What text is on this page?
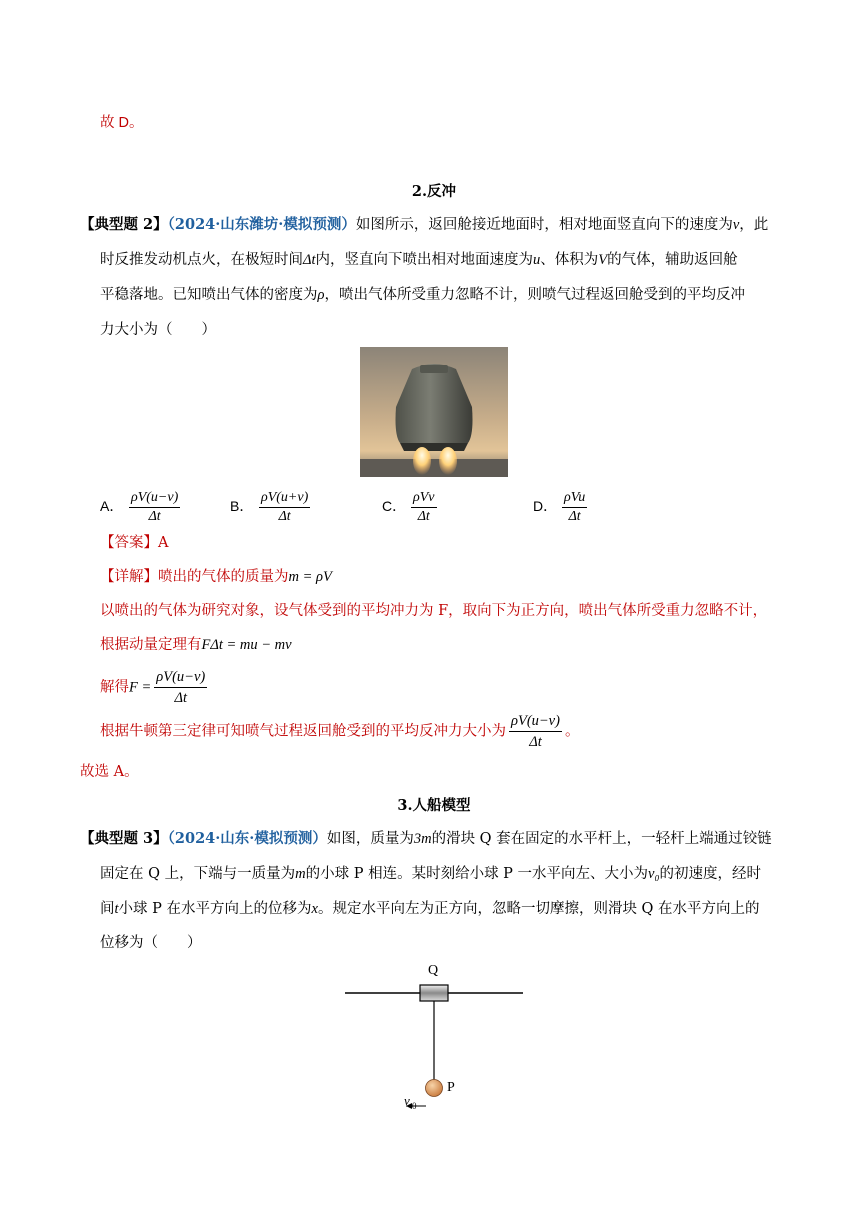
故 D。
2.反冲
【典型题 2】（2024·山东潍坊·模拟预测）如图所示，返回舱接近地面时，相对地面竖直向下的速度为v，此
时反推发动机点火，在极短时间Δt内，竖直向下喷出相对地面速度为u、体积为V的气体，辅助返回舱
平稳落地。已知喷出气体的密度为ρ，喷出气体所受重力忽略不计，则喷气过程返回舱受到的平均反冲
力大小为（　　）
A． $\frac{\rho V(u-v)}{\Delta t}$	B． $\frac{\rho V(u+v)}{\Delta t}$	C．
ρVv
Δt
D．
ρVu
Δt
【答案】A
【详解】喷出的气体的质量为m = ρV
以喷出的气体为研究对象，设气体受到的平均冲力为 F，取向下为正方向，喷出气体所受重力忽略不计，
根据动量定理有FΔt = mu − mv
解得$F = \frac{\rho V(u-v)}{\Delta t}$
根据牛顿第三定律可知喷气过程返回舱受到的平均反冲力大小为 $\frac{\rho V(u-v)}{\Delta t}$ 。
故选 A。
3.人船模型
【典型题 3】（2024·山东·模拟预测）如图，质量为3m的滑块 Q 套在固定的水平杆上，一轻杆上端通过铰链
固定在 Q 上，下端与一质量为m的小球 P 相连。某时刻给小球 P 一水平向左、大小为v₀的初速度，经时
间t小球 P 在水平方向上的位移为x。规定水平向左为正方向，忽略一切摩擦，则滑块 Q 在水平方向上的
位移为（　　）
Q
P
v 0
